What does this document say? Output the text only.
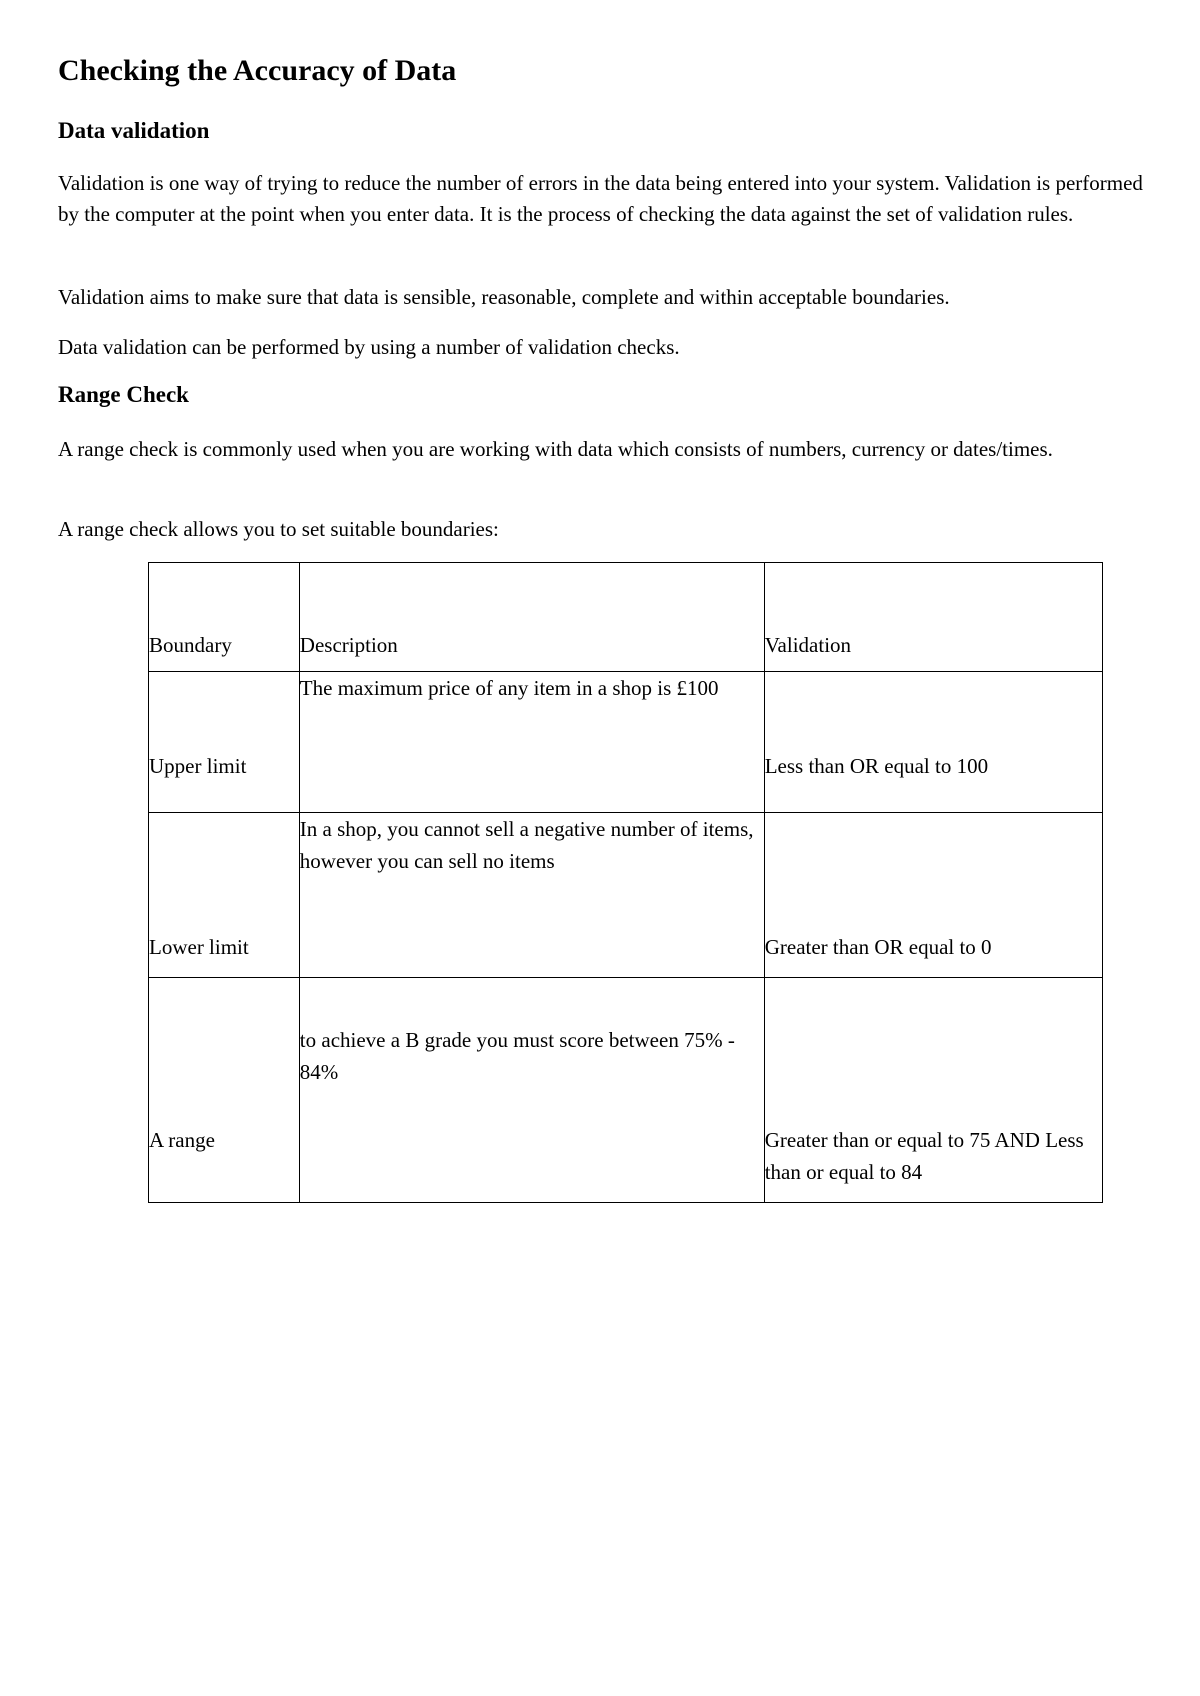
Checking the Accuracy of Data
Data validation

Validation is one way of trying to reduce the number of errors in the data being entered into your system. Validation is performed by the computer at the point when you enter data. It is the process of checking the data against the set of validation rules.

Validation aims to make sure that data is sensible, reasonable, complete and within acceptable boundaries.

Data validation can be performed by using a number of validation checks.

Range Check

A range check is commonly used when you are working with data which consists of numbers, currency or dates/times.

A range check allows you to set suitable boundaries:

Boundary	Description	Validation
Upper limit	The maximum price of any item in a shop is £100	Less than OR equal to 100
Lower limit	In a shop, you cannot sell a negative number of items, however you can sell no items	Greater than OR equal to 0
A range	to achieve a B grade you must score between 75% - 84%	Greater than or equal to 75 AND Less than or equal to 84
